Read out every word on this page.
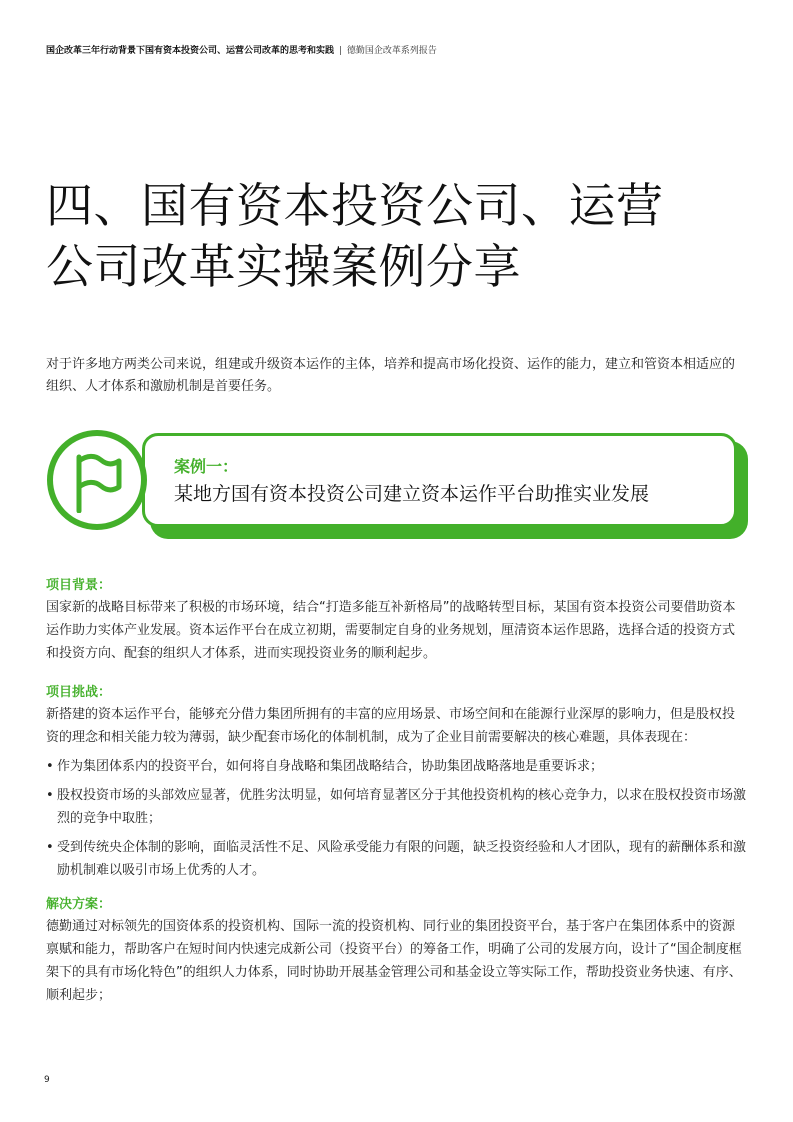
国企改革三年行动背景下国有资本投资公司、运营公司改革的思考和实践 | 德勤国企改革系列报告
四、国有资本投资公司、运营
公司改革实操案例分享
对于许多地方两类公司来说，组建或升级资本运作的主体，培养和提高市场化投资、运作的能力，建立和管资本相适应的组织、人才体系和激励机制是首要任务。
案例一：
某地方国有资本投资公司建立资本运作平台助推实业发展
项目背景：
国家新的战略目标带来了积极的市场环境，结合“打造多能互补新格局”的战略转型目标，某国有资本投资公司要借助资本运作助力实体产业发展。资本运作平台在成立初期，需要制定自身的业务规划，厘清资本运作思路，选择合适的投资方式和投资方向、配套的组织人才体系，进而实现投资业务的顺利起步。
项目挑战：
新搭建的资本运作平台，能够充分借力集团所拥有的丰富的应用场景、市场空间和在能源行业深厚的影响力，但是股权投资的理念和相关能力较为薄弱，缺少配套市场化的体制机制，成为了企业目前需要解决的核心难题，具体表现在：
• 作为集团体系内的投资平台，如何将自身战略和集团战略结合，协助集团战略落地是重要诉求；
• 股权投资市场的头部效应显著，优胜劣汰明显，如何培育显著区分于其他投资机构的核心竞争力，以求在股权投资市场激烈的竞争中取胜；
• 受到传统央企体制的影响，面临灵活性不足、风险承受能力有限的问题，缺乏投资经验和人才团队，现有的薪酬体系和激励机制难以吸引市场上优秀的人才。
解决方案：
德勤通过对标领先的国资体系的投资机构、国际一流的投资机构、同行业的集团投资平台，基于客户在集团体系中的资源禀赋和能力，帮助客户在短时间内快速完成新公司（投资平台）的筹备工作，明确了公司的发展方向，设计了“国企制度框架下的具有市场化特色”的组织人力体系，同时协助开展基金管理公司和基金设立等实际工作，帮助投资业务快速、有序、顺利起步；
9
